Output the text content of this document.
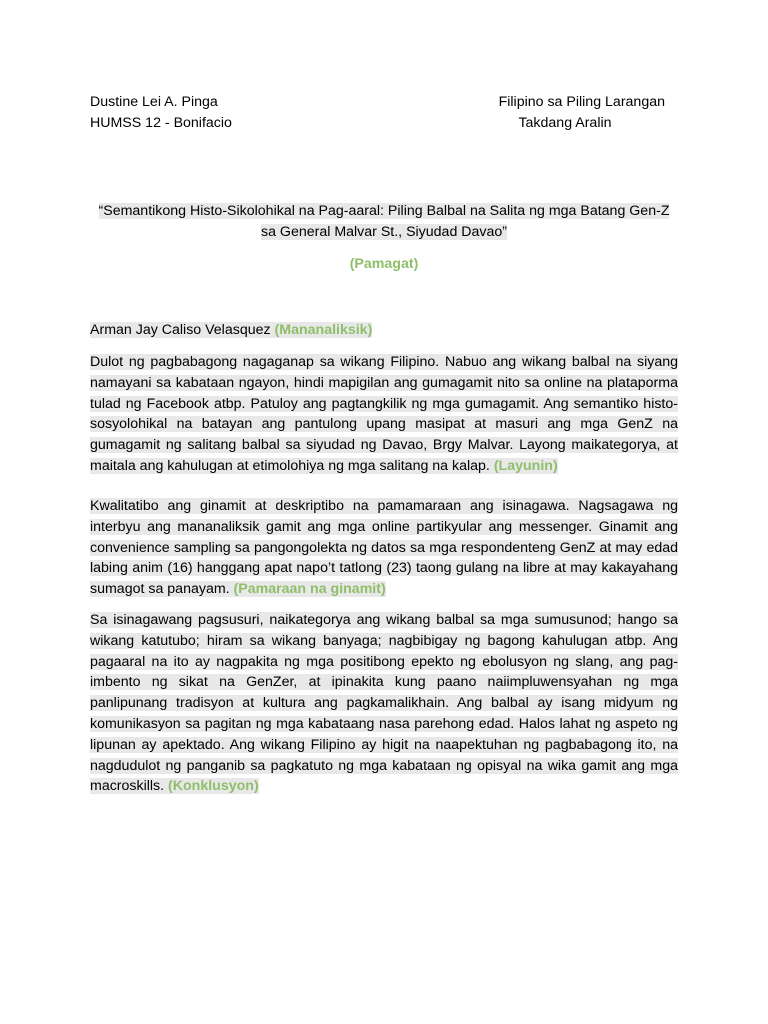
Dustine Lei A. Pinga
HUMSS 12 - Bonifacio
Filipino sa Piling Larangan
Takdang Aralin
“Semantikong Histo-Sikolohikal na Pag-aaral: Piling Balbal na Salita ng mga Batang Gen-Z sa General Malvar St., Siyudad Davao”
(Pamagat)
Arman Jay Caliso Velasquez (Mananaliksik)
Dulot ng pagbabagong nagaganap sa wikang Filipino. Nabuo ang wikang balbal na siyang namayani sa kabataan ngayon, hindi mapigilan ang gumagamit nito sa online na plataporma tulad ng Facebook atbp. Patuloy ang pagtangkilik ng mga gumagamit. Ang semantiko histo-sosyolohikal na batayan ang pantulong upang masipat at masuri ang mga GenZ na gumagamit ng salitang balbal sa siyudad ng Davao, Brgy Malvar. Layong maikategorya, at maitala ang kahulugan at etimolohiya ng mga salitang na kalap. (Layunin)
Kwalitatibo ang ginamit at deskriptibo na pamamaraan ang isinagawa. Nagsagawa ng interbyu ang mananaliksik gamit ang mga online partikyular ang messenger. Ginamit ang convenience sampling sa pangongolekta ng datos sa mga respondenteng GenZ at may edad labing anim (16) hanggang apat napo’t tatlong (23) taong gulang na libre at may kakayahang sumagot sa panayam. (Pamaraan na ginamit)
Sa isinagawang pagsusuri, naikategorya ang wikang balbal sa mga sumusunod; hango sa wikang katutubo; hiram sa wikang banyaga; nagbibigay ng bagong kahulugan atbp. Ang pagaaral na ito ay nagpakita ng mga positibong epekto ng ebolusyon ng slang, ang pag-imbento ng sikat na GenZer, at ipinakita kung paano naiimpluwensyahan ng mga panlipunang tradisyon at kultura ang pagkamalikhain. Ang balbal ay isang midyum ng komunikasyon sa pagitan ng mga kabataang nasa parehong edad. Halos lahat ng aspeto ng lipunan ay apektado. Ang wikang Filipino ay higit na naapektuhan ng pagbabagong ito, na nagdudulot ng panganib sa pagkatuto ng mga kabataan ng opisyal na wika gamit ang mga macroskills. (Konklusyon)
